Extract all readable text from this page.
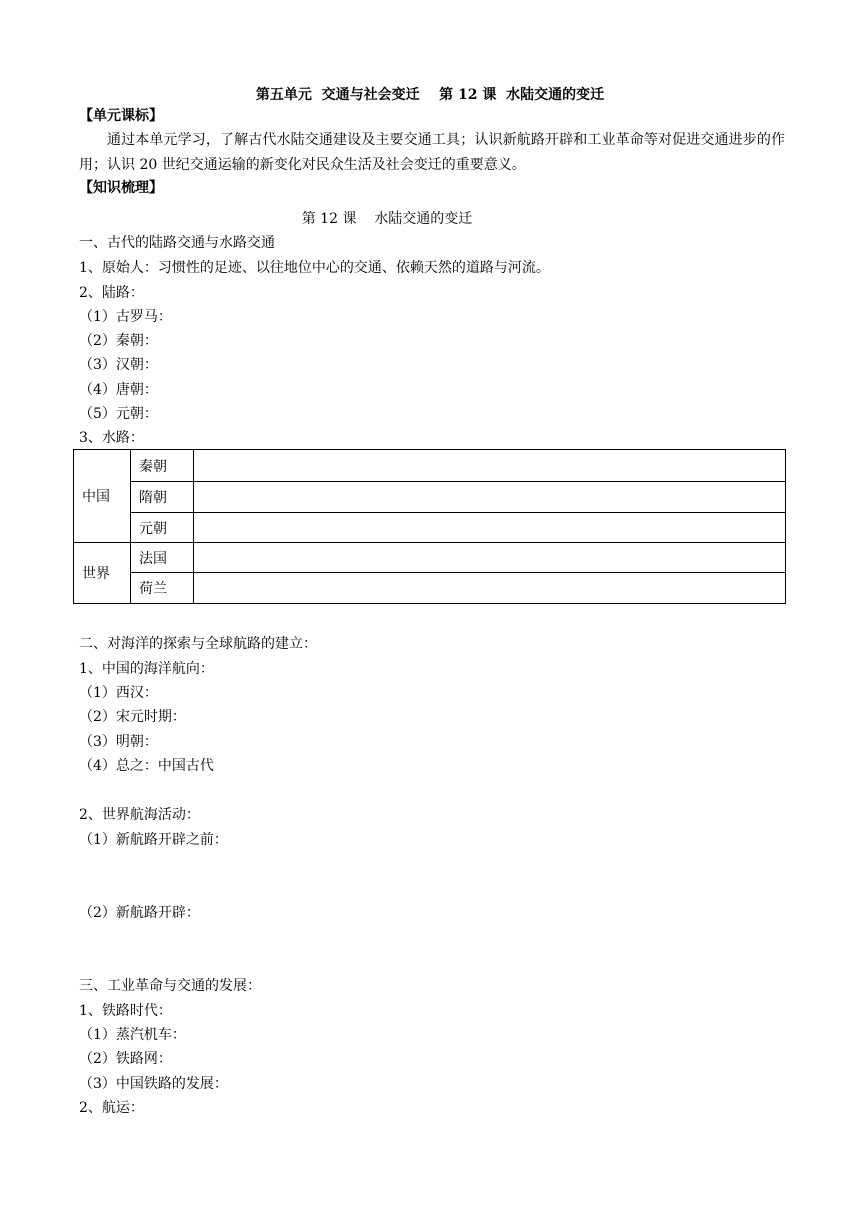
第五单元  交通与社会变迁    第 12 课  水陆交通的变迁
【单元课标】
通过本单元学习，了解古代水陆交通建设及主要交通工具；认识新航路开辟和工业革命等对促进交通进步的作用；认识 20 世纪交通运输的新变化对民众生活及社会变迁的重要意义。
【知识梳理】
第 12 课    水陆交通的变迁
一、古代的陆路交通与水路交通
1、原始人：习惯性的足迹、以往地位中心的交通、依赖天然的道路与河流。
2、陆路：
（1）古罗马：
（2）秦朝：
（3）汉朝：
（4）唐朝：
（5）元朝：
3、水路：
中国	秦朝	
	隋朝	
	元朝	
世界	法国	
	荷兰	
二、对海洋的探索与全球航路的建立：
1、中国的海洋航向：
（1）西汉：
（2）宋元时期：
（3）明朝：
（4）总之：中国古代
2、世界航海活动：
（1）新航路开辟之前：
（2）新航路开辟：
三、工业革命与交通的发展：
1、铁路时代：
（1）蒸汽机车：
（2）铁路网：
（3）中国铁路的发展：
2、航运：
